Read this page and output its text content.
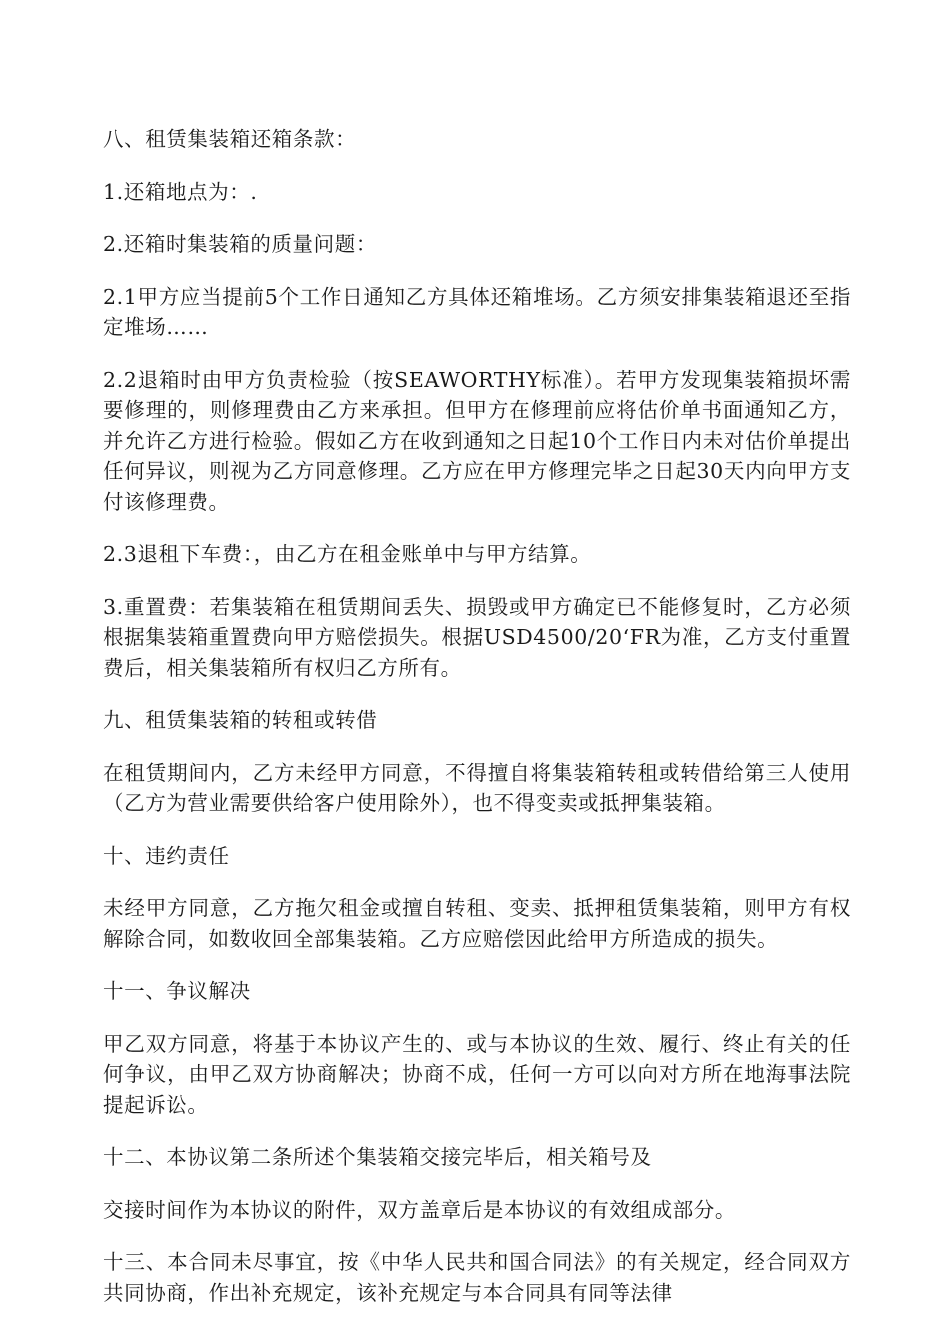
八、租赁集装箱还箱条款：

1.还箱地点为：.

2.还箱时集装箱的质量问题：

2.1甲方应当提前5个工作日通知乙方具体还箱堆场。乙方须安排集装箱退还至指定堆场……

2.2退箱时由甲方负责检验（按SEAWORTHY标准）。若甲方发现集装箱损坏需要修理的，则修理费由乙方来承担。但甲方在修理前应将估价单书面通知乙方，并允许乙方进行检验。假如乙方在收到通知之日起10个工作日内未对估价单提出任何异议，则视为乙方同意修理。乙方应在甲方修理完毕之日起30天内向甲方支付该修理费。

2.3退租下车费：，由乙方在租金账单中与甲方结算。

3.重置费：若集装箱在租赁期间丢失、损毁或甲方确定已不能修复时，乙方必须根据集装箱重置费向甲方赔偿损失。根据USD4500/20‘FR为准，乙方支付重置费后，相关集装箱所有权归乙方所有。

九、租赁集装箱的转租或转借

在租赁期间内，乙方未经甲方同意，不得擅自将集装箱转租或转借给第三人使用（乙方为营业需要供给客户使用除外），也不得变卖或抵押集装箱。

十、违约责任

未经甲方同意，乙方拖欠租金或擅自转租、变卖、抵押租赁集装箱，则甲方有权解除合同，如数收回全部集装箱。乙方应赔偿因此给甲方所造成的损失。

十一、争议解决

甲乙双方同意，将基于本协议产生的、或与本协议的生效、履行、终止有关的任何争议，由甲乙双方协商解决；协商不成，任何一方可以向对方所在地海事法院提起诉讼。

十二、本协议第二条所述个集装箱交接完毕后，相关箱号及

交接时间作为本协议的附件，双方盖章后是本协议的有效组成部分。

十三、本合同未尽事宜，按《中华人民共和国合同法》的有关规定，经合同双方共同协商，作出补充规定，该补充规定与本合同具有同等法律
